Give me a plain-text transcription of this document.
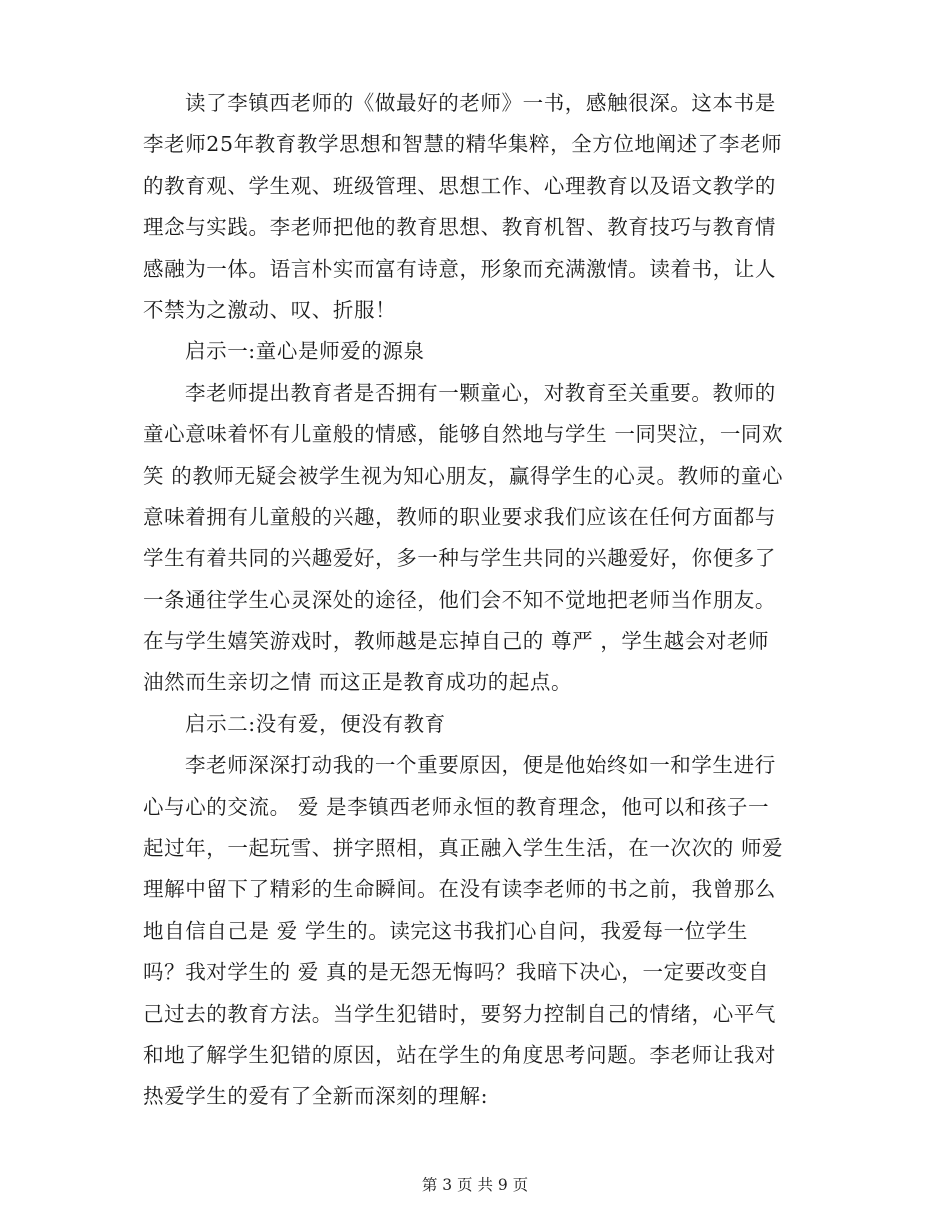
读了李镇西老师的《做最好的老师》一书，感触很深。这本书是
李老师25年教育教学思想和智慧的精华集粹，全方位地阐述了李老师
的教育观、学生观、班级管理、思想工作、心理教育以及语文教学的
理念与实践。李老师把他的教育思想、教育机智、教育技巧与教育情
感融为一体。语言朴实而富有诗意，形象而充满激情。读着书，让人
不禁为之激动、叹、折服！
启示一:童心是师爱的源泉
李老师提出教育者是否拥有一颗童心，对教育至关重要。教师的
童心意味着怀有儿童般的情感，能够自然地与学生 一同哭泣，一同欢
笑 的教师无疑会被学生视为知心朋友，赢得学生的心灵。教师的童心
意味着拥有儿童般的兴趣，教师的职业要求我们应该在任何方面都与
学生有着共同的兴趣爱好，多一种与学生共同的兴趣爱好，你便多了
一条通往学生心灵深处的途径，他们会不知不觉地把老师当作朋友。
在与学生嬉笑游戏时，教师越是忘掉自己的 尊严 ，学生越会对老师
油然而生亲切之情 而这正是教育成功的起点。
启示二:没有爱，便没有教育
李老师深深打动我的一个重要原因，便是他始终如一和学生进行
心与心的交流。 爱 是李镇西老师永恒的教育理念，他可以和孩子一
起过年，一起玩雪、拼字照相，真正融入学生生活，在一次次的 师爱
理解中留下了精彩的生命瞬间。在没有读李老师的书之前，我曾那么
地自信自己是 爱 学生的。读完这书我扪心自问，我爱每一位学生
吗？我对学生的 爱 真的是无怨无悔吗？我暗下决心，一定要改变自
己过去的教育方法。当学生犯错时，要努力控制自己的情绪，心平气
和地了解学生犯错的原因，站在学生的角度思考问题。李老师让我对
热爱学生的爱有了全新而深刻的理解:
第 3 页 共 9 页
